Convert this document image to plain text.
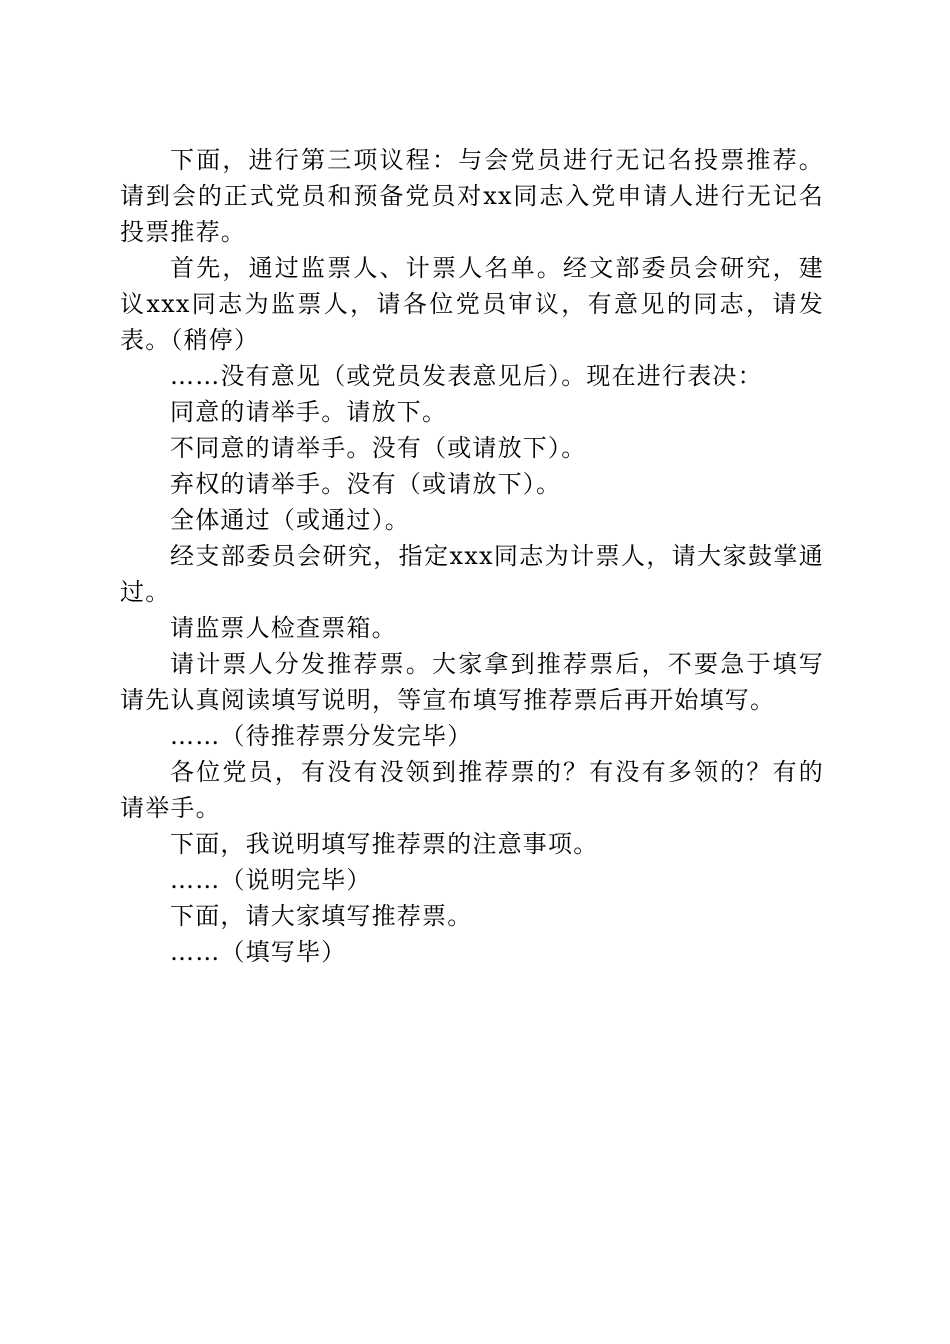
下面，进行第三项议程：与会党员进行无记名投票推荐。请到会的正式党员和预备党员对xx同志入党申请人进行无记名投票推荐。

首先，通过监票人、计票人名单。经文部委员会研究，建议xxx同志为监票人，请各位党员审议，有意见的同志，请发表。（稍停）

……没有意见（或党员发表意见后）。现在进行表决：

同意的请举手。请放下。

不同意的请举手。没有（或请放下）。

弃权的请举手。没有（或请放下）。

全体通过（或通过）。

经支部委员会研究，指定xxx同志为计票人，请大家鼓掌通过。

请监票人检查票箱。

请计票人分发推荐票。大家拿到推荐票后，不要急于填写请先认真阅读填写说明，等宣布填写推荐票后再开始填写。

……（待推荐票分发完毕）

各位党员，有没有没领到推荐票的？有没有多领的？有的请举手。

下面，我说明填写推荐票的注意事项。

……（说明完毕）

下面，请大家填写推荐票。

……（填写毕）
